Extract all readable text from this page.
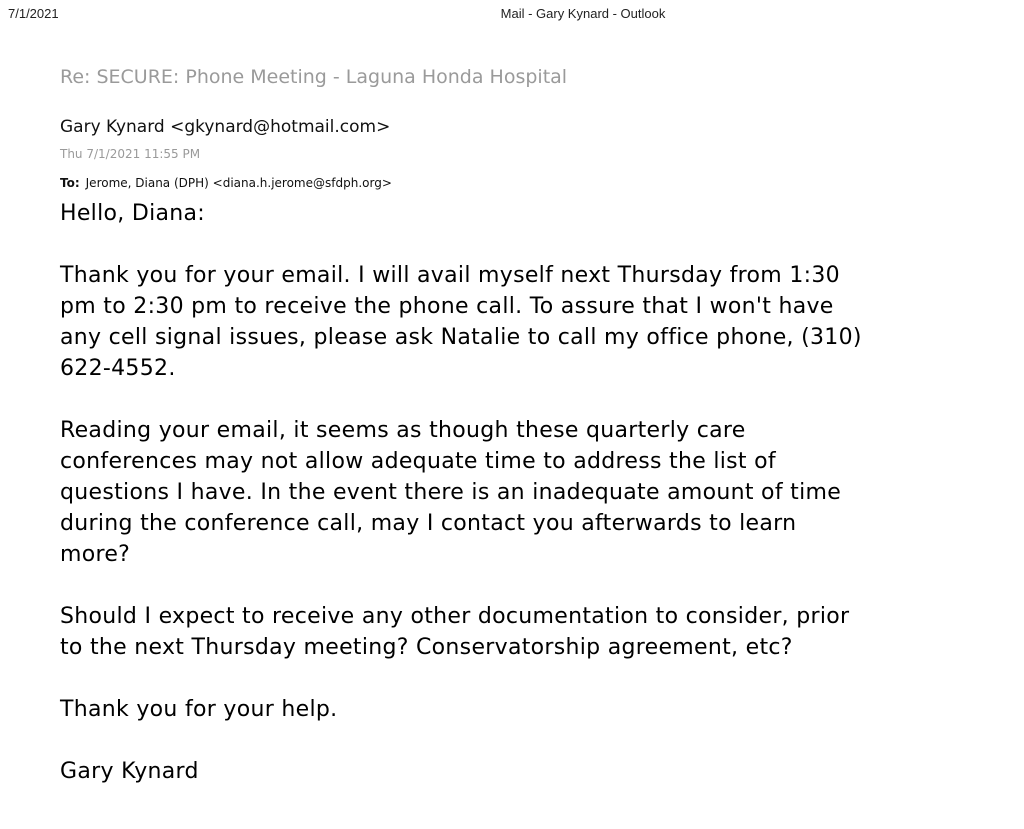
7/1/2021	Mail - Gary Kynard - Outlook
Re: SECURE: Phone Meeting - Laguna Honda Hospital
Gary Kynard <gkynard@hotmail.com>
Thu 7/1/2021 11:55 PM
To: Jerome, Diana (DPH) <diana.h.jerome@sfdph.org>

Hello, Diana:

Thank you for your email. I will avail myself next Thursday from 1:30
pm to 2:30 pm to receive the phone call. To assure that I won't have
any cell signal issues, please ask Natalie to call my office phone, (310)
622-4552.

Reading your email, it seems as though these quarterly care
conferences may not allow adequate time to address the list of
questions I have. In the event there is an inadequate amount of time
during the conference call, may I contact you afterwards to learn
more?

Should I expect to receive any other documentation to consider, prior
to the next Thursday meeting? Conservatorship agreement, etc?

Thank you for your help.

Gary Kynard
